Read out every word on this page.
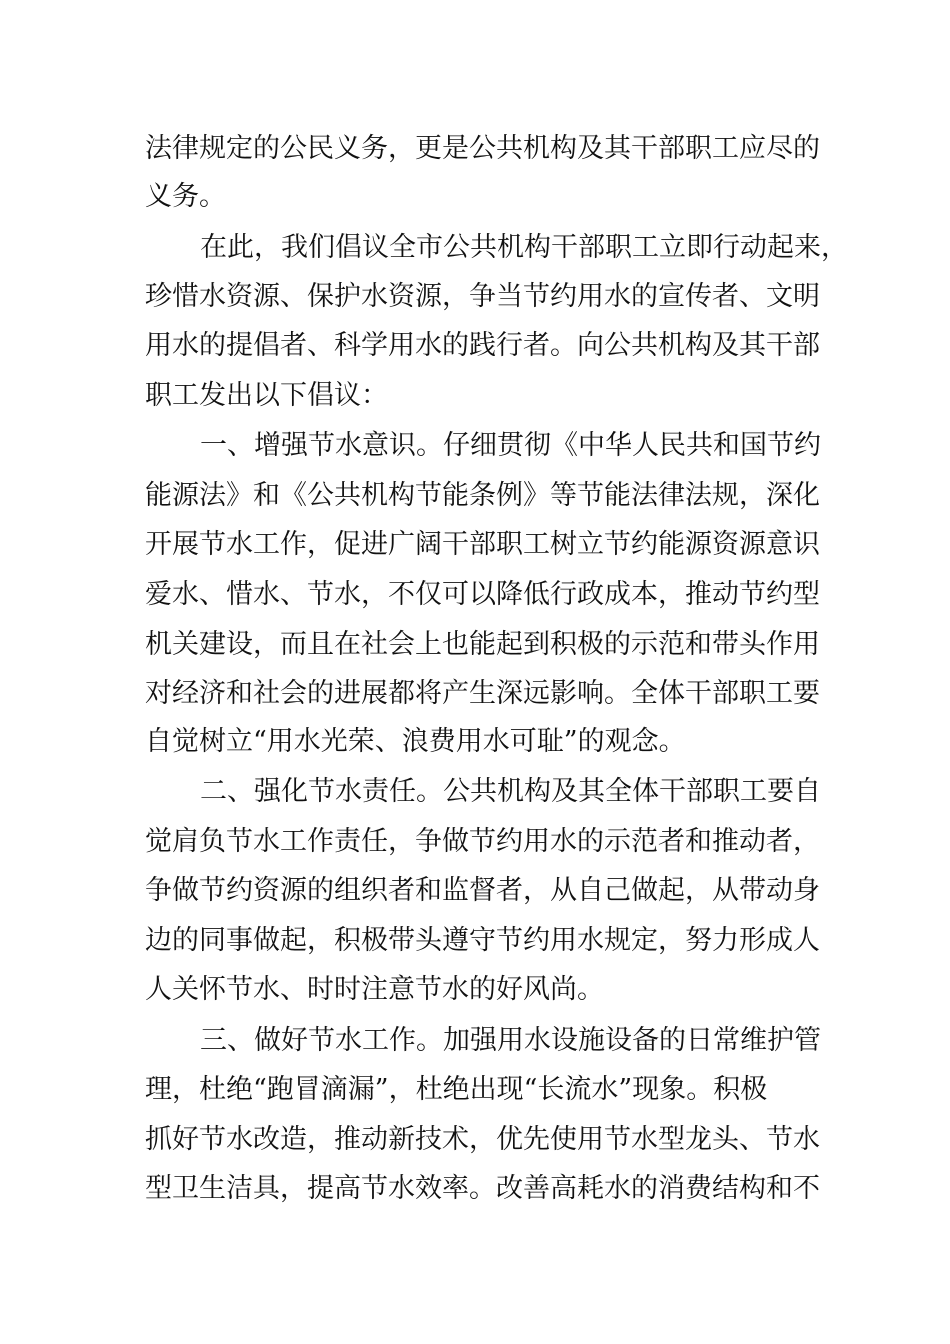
法律规定的公民义务，更是公共机构及其干部职工应尽的
义务。
在此，我们倡议全市公共机构干部职工立即行动起来，
珍惜水资源、保护水资源，争当节约用水的宣传者、文明
用水的提倡者、科学用水的践行者。向公共机构及其干部
职工发出以下倡议：
一、增强节水意识。仔细贯彻《中华人民共和国节约
能源法》和《公共机构节能条例》等节能法律法规，深化
开展节水工作，促进广阔干部职工树立节约能源资源意识
爱水、惜水、节水，不仅可以降低行政成本，推动节约型
机关建设，而且在社会上也能起到积极的示范和带头作用
对经济和社会的进展都将产生深远影响。全体干部职工要
自觉树立“用水光荣、浪费用水可耻”的观念。
二、强化节水责任。公共机构及其全体干部职工要自
觉肩负节水工作责任，争做节约用水的示范者和推动者，
争做节约资源的组织者和监督者，从自己做起，从带动身
边的同事做起，积极带头遵守节约用水规定，努力形成人
人关怀节水、时时注意节水的好风尚。
三、做好节水工作。加强用水设施设备的日常维护管
理，杜绝“跑冒滴漏”，杜绝出现“长流水”现象。积极
抓好节水改造，推动新技术，优先使用节水型龙头、节水
型卫生洁具，提高节水效率。改善高耗水的消费结构和不
